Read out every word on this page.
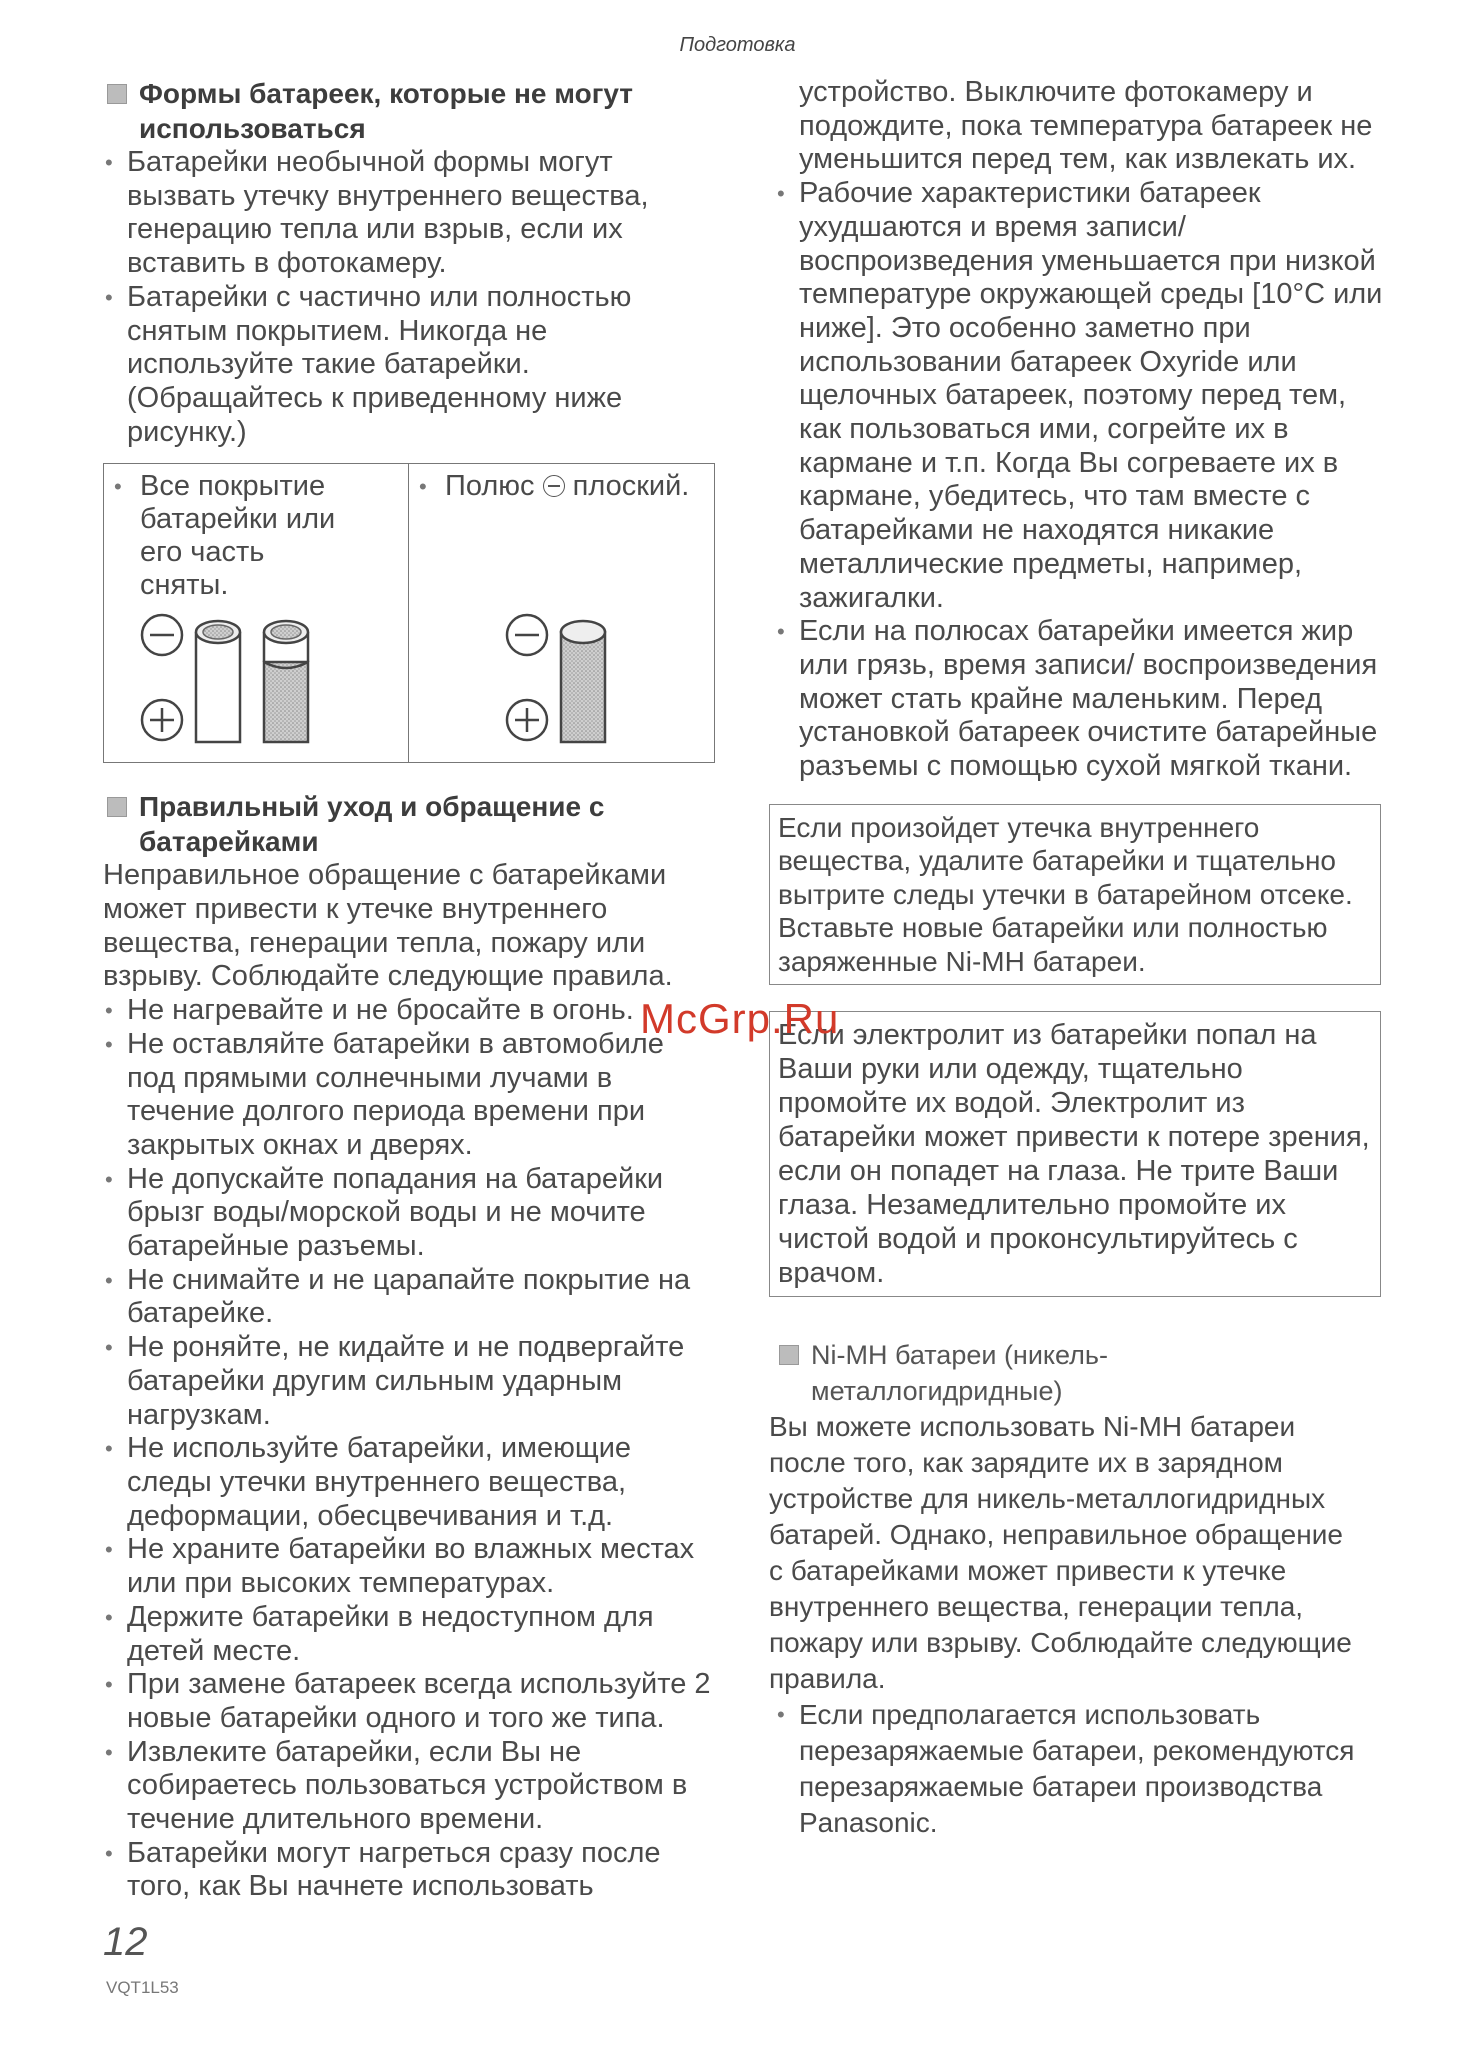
Подготовка
Формы батареек, которые не могут использоваться

• Батарейки необычной формы могут вызвать утечку внутреннего вещества, генерацию тепла или взрыв, если их вставить в фотокамеру.

• Батарейки с частично или полностью снятым покрытием. Никогда не используйте такие батарейки. (Обращайтесь к приведенному ниже рисунку.)

• Все покрытие батарейки или его часть сняты.

• Полюс
плоский.

Правильный уход и обращение с батарейками

Неправильное обращение с батарейками может привести к утечке внутреннего вещества, генерации тепла, пожару или взрыву. Соблюдайте следующие правила.

• Не нагревайте и не бросайте в огонь.

• Не оставляйте батарейки в автомобиле под прямыми солнечными лучами в течение долгого периода времени при закрытых окнах и дверях.

• Не допускайте попадания на батарейки брызг воды/морской воды и не мочите батарейные разъемы.

• Не снимайте и не царапайте покрытие на батарейке.

• Не роняйте, не кидайте и не подвергайте батарейки другим сильным ударным нагрузкам.

• Не используйте батарейки, имеющие следы утечки внутреннего вещества, деформации, обесцвечивания и т.д.

• Не храните батарейки во влажных местах или при высоких температурах.

• Держите батарейки в недоступном для детей месте.

• При замене батареек всегда используйте 2 новые батарейки одного и того же типа.

• Извлеките батарейки, если Вы не собираетесь пользоваться устройством в течение длительного времени.

• Батарейки могут нагреться сразу после того, как Вы начнете использовать

устройство. Выключите фотокамеру и подождите, пока температура батареек не уменьшится перед тем, как извлекать их.

• Рабочие характеристики батареек ухудшаются и время записи/ воспроизведения уменьшается при низкой температуре окружающей среды [10°C или ниже]. Это особенно заметно при использовании батареек Oxyride или щелочных батареек, поэтому перед тем, как пользоваться ими, согрейте их в кармане и т.п. Когда Вы согреваете их в кармане, убедитесь, что там вместе с батарейками не находятся никакие металлические предметы, например, зажигалки.

• Если на полюсах батарейки имеется жир или грязь, время записи/ воспроизведения может стать крайне маленьким. Перед установкой батареек очистите батарейные разъемы с помощью сухой мягкой ткани.

Если произойдет утечка внутреннего вещества, удалите батарейки и тщательно вытрите следы утечки в батарейном отсеке. Вставьте новые батарейки или полностью заряженные Ni-MH батареи.
Если электролит из батарейки попал на Ваши руки или одежду, тщательно промойте их водой. Электролит из батарейки может привести к потере зрения, если он попадет на глаза. Не трите Ваши глаза. Незамедлительно промойте их чистой водой и проконсультируйтесь с врачом.
Ni-MH батареи (никель-металлогидридные)

Вы можете использовать Ni-MH батареи после того, как зарядите их в зарядном устройстве для никель-металлогидридных батарей. Однако, неправильное обращение с батарейками может привести к утечке внутреннего вещества, генерации тепла, пожару или взрыву. Соблюдайте следующие правила.

• Если предполагается использовать перезаряжаемые батареи, рекомендуются перезаряжаемые батареи производства Panasonic.

McGrp.Ru
12
VQT1L53
